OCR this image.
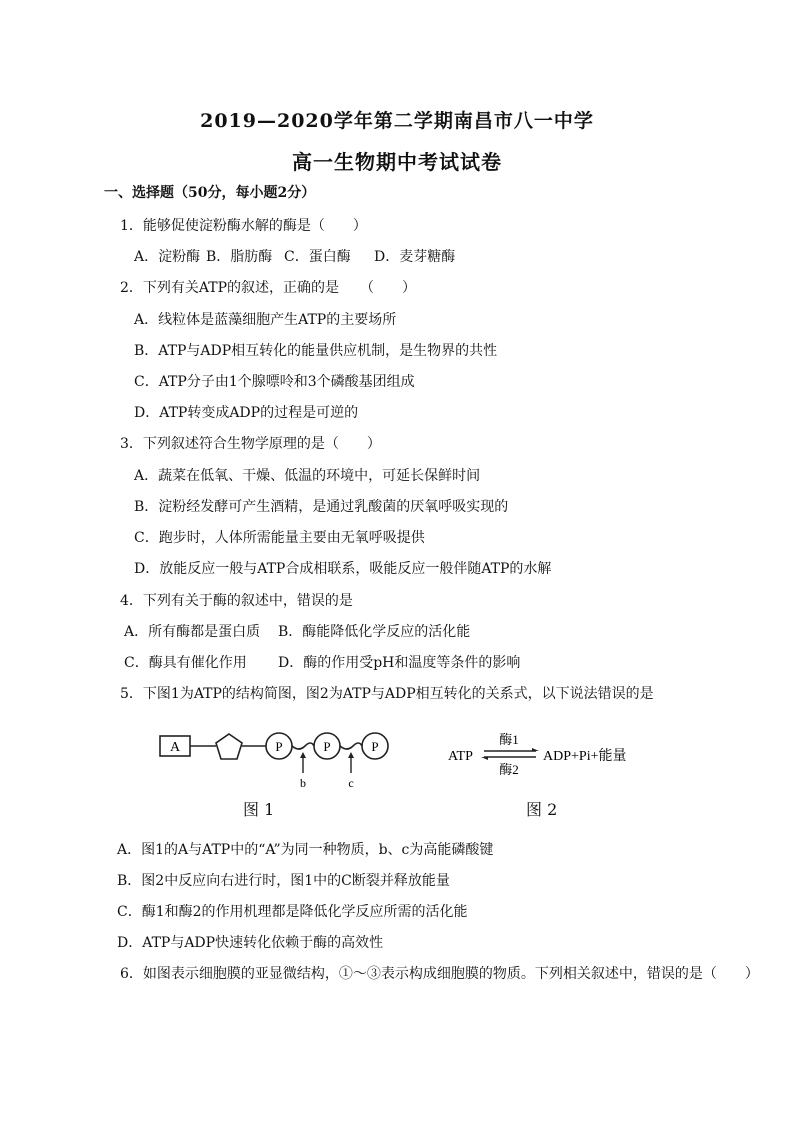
2019—2020学年第二学期南昌市八一中学
高一生物期中考试试卷
一、选择题（50分，每小题2分）
1．能够促使淀粉酶水解的酶是（　　）
A．淀粉酶 B．脂肪酶 C．蛋白酶 D．麦芽糖酶
2．下列有关ATP的叙述，正确的是　　（　　）
A．线粒体是蓝藻细胞产生ATP的主要场所
B．ATP与ADP相互转化的能量供应机制，是生物界的共性
C．ATP分子由1个腺嘌呤和3个磷酸基团组成
D．ATP转变成ADP的过程是可逆的
3．下列叙述符合生物学原理的是（　　）
A．蔬菜在低氧、干燥、低温的环境中，可延长保鲜时间
B．淀粉经发酵可产生酒精，是通过乳酸菌的厌氧呼吸实现的
C．跑步时，人体所需能量主要由无氧呼吸提供
D．放能反应一般与ATP合成相联系，吸能反应一般伴随ATP的水解
4．下列有关于酶的叙述中，错误的是
A．所有酶都是蛋白质 B．酶能降低化学反应的活化能
C．酶具有催化作用 D．酶的作用受pH和温度等条件的影响
5．下图1为ATP的结构简图，图2为ATP与ADP相互转化的关系式，以下说法错误的是
A	P	P	P
b	c
图 1
ATP
酶1
酶2
ADP+Pi+能量
图 2
A．图1的A与ATP中的“A”为同一种物质，b、c为高能磷酸键
B．图2中反应向右进行时，图1中的C断裂并释放能量
C．酶1和酶2的作用机理都是降低化学反应所需的活化能
D．ATP与ADP快速转化依赖于酶的高效性
6．如图表示细胞膜的亚显微结构，①～③表示构成细胞膜的物质。下列相关叙述中，错误的是（　　）
